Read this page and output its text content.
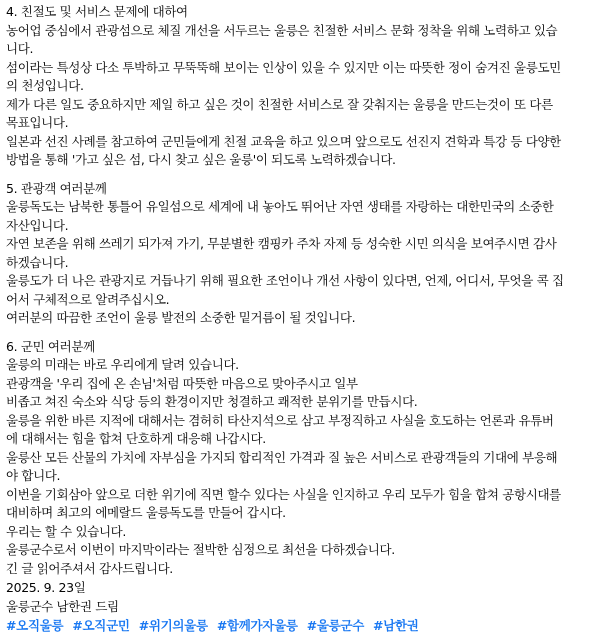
4. 친절도 및 서비스 문제에 대하여
농어업 중심에서 관광섬으로 체질 개선을 서두르는 울릉은 친절한 서비스 문화 정착을 위해 노력하고 있습
니다.
섬이라는 특성상 다소 투박하고 무뚝뚝해 보이는 인상이 있을 수 있지만 이는 따뜻한 정이 숨겨진 울릉도민
의 천성입니다.
제가 다른 일도 중요하지만 제일 하고 싶은 것이 친절한 서비스로 잘 갖춰지는 울릉을 만드는것이 또 다른
목표입니다.
일본과 선진 사례를 참고하여 군민들에게 친절 교육을 하고 있으며 앞으로도 선진지 견학과 특강 등 다양한
방법을 통해 '가고 싶은 섬, 다시 찾고 싶은 울릉'이 되도록 노력하겠습니다.
5. 관광객 여러분께
울릉독도는 남북한 통틀어 유일섬으로 세계에 내 놓아도 뛰어난 자연 생태를 자랑하는 대한민국의 소중한
자산입니다.
자연 보존을 위해 쓰레기 되가져 가기, 무분별한 캠핑카 주차 자제 등 성숙한 시민 의식을 보여주시면 감사
하겠습니다.
울릉도가 더 나은 관광지로 거듭나기 위해 필요한 조언이나 개선 사항이 있다면, 언제, 어디서, 무엇을 콕 집
어서 구체적으로 알려주십시오.
여러분의 따끔한 조언이 울릉 발전의 소중한 밑거름이 될 것입니다.
6. 군민 여러분께
울릉의 미래는 바로 우리에게 달려 있습니다.
관광객을 '우리 집에 온 손님'처럼 따뜻한 마음으로 맞아주시고 일부
비좁고 쳐진 숙소와 식당 등의 환경이지만 청결하고 쾌적한 분위기를 만듭시다.
울릉을 위한 바른 지적에 대해서는 겸허히 타산지석으로 삼고 부정직하고 사실을 호도하는 언론과 유튜버
에 대해서는 힘을 합쳐 단호하게 대응해 나갑시다.
울릉산 모든 산물의 가치에 자부심을 가지되 합리적인 가격과 질 높은 서비스로 관광객들의 기대에 부응해
야 합니다.
이번을 기회삼아 앞으로 더한 위기에 직면 할수 있다는 사실을 인지하고 우리 모두가 힘을 합쳐 공항시대를
대비하며 최고의 에메랄드 울릉독도를 만들어 갑시다.
우리는 할 수 있습니다.
울릉군수로서 이번이 마지막이라는 절박한 심정으로 최선을 다하겠습니다.
긴 글 읽어주셔서 감사드립니다.
2025. 9. 23일
울릉군수 남한권 드림
#오직울릉 #오직군민 #위기의울릉 #함께가자울릉 #울릉군수 #남한권
